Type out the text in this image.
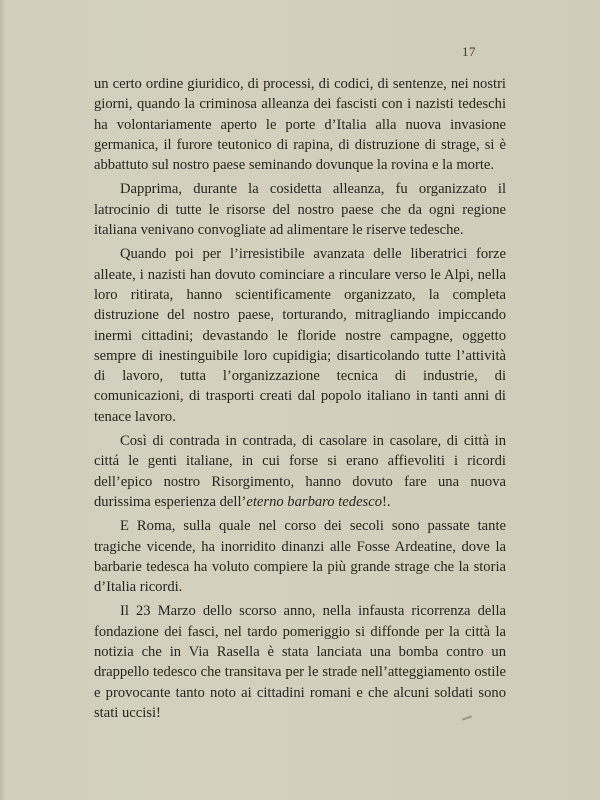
17

un certo ordine giuridico, di processi, di codici, di sentenze, nei nostri giorni, quando la criminosa alleanza dei fascisti con i nazisti tedeschi ha volontariamente aperto le porte d’Italia alla nuova invasione germanica, il furore teutonico di rapina, di distruzione di strage, si è abbattuto sul nostro paese seminando dovunque la rovina e la morte.

Dapprima, durante la cosidetta alleanza, fu organizzato il latrocinio di tutte le risorse del nostro paese che da ogni regione italiana venivano convogliate ad alimentare le riserve tedesche.

Quando poi per l’irresistibile avanzata delle liberatrici forze alleate, i nazisti han dovuto cominciare a rinculare verso le Alpi, nella loro ritirata, hanno scientificamente organizzato, la completa distruzione del nostro paese, torturando, mitragliando impiccando inermi cittadini; devastando le floride nostre campagne, oggetto sempre di inestinguibile loro cupidigia; disarticolando tutte l’attività di lavoro, tutta l’organizzazione tecnica di industrie, di comunicazioni, di trasporti creati dal popolo italiano in tanti anni di tenace lavoro.

Così di contrada in contrada, di casolare in casolare, di città in cittá le genti italiane, in cui forse si erano affievoliti i ricordi dell’epico nostro Risorgimento, hanno dovuto fare una nuova durissima esperienza dell’eterno barbaro tedesco!.

E Roma, sulla quale nel corso dei secoli sono passate tante tragiche vicende, ha inorridito dinanzi alle Fosse Ardeatine, dove la barbarie tedesca ha voluto compiere la più grande strage che la storia d’Italia ricordi.

Il 23 Marzo dello scorso anno, nella infausta ricorrenza della fondazione dei fasci, nel tardo pomeriggio si diffonde per la città la notizia che in Via Rasella è stata lanciata una bomba contro un drappello tedesco che transitava per le strade nell’atteggiamento ostile e provocante tanto noto ai cittadini romani e che alcuni soldati sono stati uccisi!
